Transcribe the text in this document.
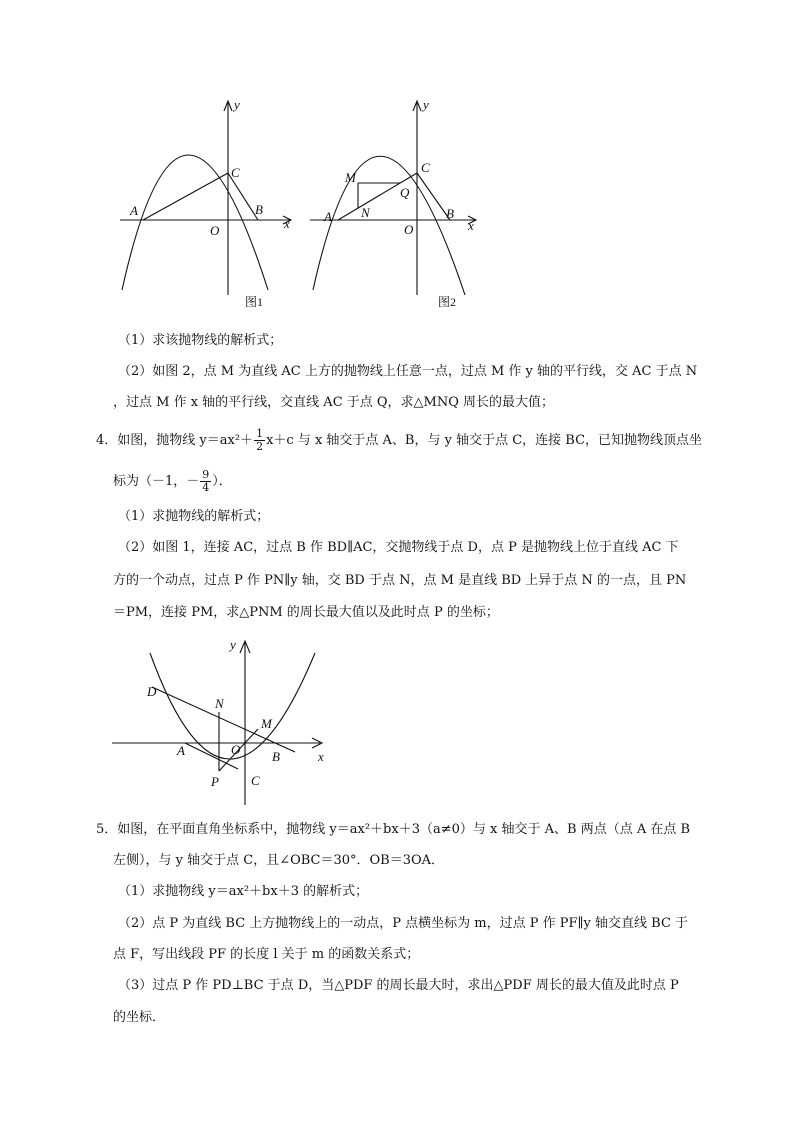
y
x
A	B
C
O
图1
y
x
A	B
C
O
M
N
Q
图2
（1）求该抛物线的解析式；
（2）如图 2，点 M 为直线 AC 上方的抛物线上任意一点，过点 M 作 y 轴的平行线，交 AC 于点 N
，过点 M 作 x 轴的平行线，交直线 AC 于点 Q，求△MNQ 周长的最大值；
4．如图，抛物线 $y=ax^2+ \frac{1}{2} x+c$ 与 x 轴交于点 A、B，与 y 轴交于点 C，连接 BC，已知抛物线顶点坐
标为（－1，－ $\frac{9}{4}$ ）．
（1）求抛物线的解析式；
（2）如图 1，连接 AC，过点 B 作 BD∥AC，交抛物线于点 D，点 P 是抛物线上位于直线 AC 下
方的一个动点，过点 P 作 PN∥y 轴，交 BD 于点 N，点 M 是直线 BD 上异于点 N 的一点，且 PN
＝PM，连接 PM，求△PNM 的周长最大值以及此时点 P 的坐标；
y
x
D
N
M
A	O B
P C
5．如图，在平面直角坐标系中，抛物线 y＝ax²＋bx＋3（a≠0）与 x 轴交于 A、B 两点（点 A 在点 B
左侧），与 y 轴交于点 C，且∠OBC＝30°．OB＝3OA．
（1）求抛物线 y＝ax²＋bx＋3 的解析式；
（2）点 P 为直线 BC 上方抛物线上的一动点，P 点横坐标为 m，过点 P 作 PF∥y 轴交直线 BC 于
点 F，写出线段 PF 的长度 l 关于 m 的函数关系式；
（3）过点 P 作 PD⊥BC 于点 D，当△PDF 的周长最大时，求出△PDF 周长的最大值及此时点 P
的坐标．
